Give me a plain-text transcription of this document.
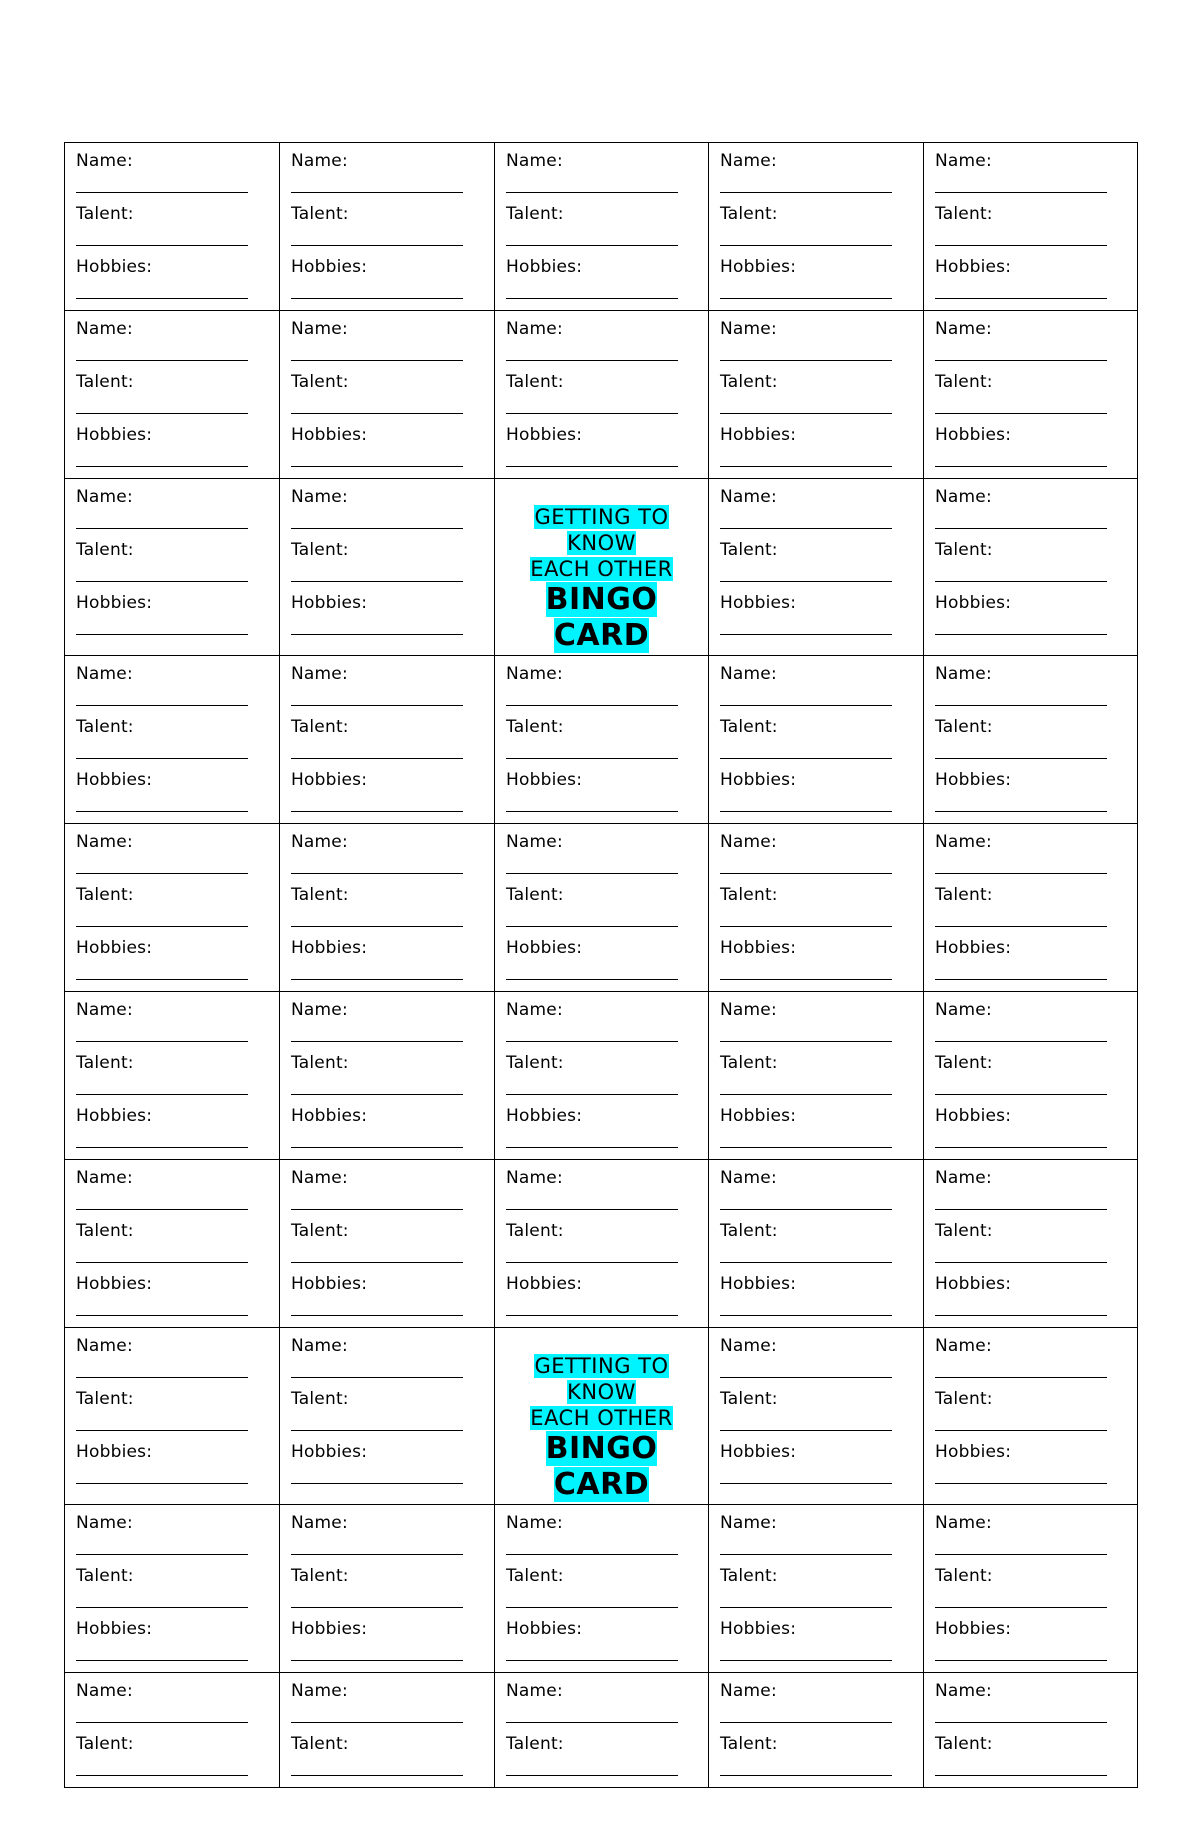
Name:
Talent:
Hobbies:	Name:
Talent:
Hobbies:	Name:
Talent:
Hobbies:	Name:
Talent:
Hobbies:	Name:
Talent:
Hobbies:

Name:
Talent:
Hobbies:	Name:
Talent:
Hobbies:	Name:
Talent:
Hobbies:	Name:
Talent:
Hobbies:	Name:
Talent:
Hobbies:

Name:
Talent:
Hobbies:	Name:
Talent:
Hobbies:	GETTING TO
KNOW
EACH OTHER
BINGO
CARD	Name:
Talent:
Hobbies:	Name:
Talent:
Hobbies:

Name:
Talent:
Hobbies:	Name:
Talent:
Hobbies:	Name:
Talent:
Hobbies:	Name:
Talent:
Hobbies:	Name:
Talent:
Hobbies:

Name:
Talent:
Hobbies:	Name:
Talent:
Hobbies:	Name:
Talent:
Hobbies:	Name:
Talent:
Hobbies:	Name:
Talent:
Hobbies:

Name:
Talent:
Hobbies:	Name:
Talent:
Hobbies:	Name:
Talent:
Hobbies:	Name:
Talent:
Hobbies:	Name:
Talent:
Hobbies:

Name:
Talent:
Hobbies:	Name:
Talent:
Hobbies:	Name:
Talent:
Hobbies:	Name:
Talent:
Hobbies:	Name:
Talent:
Hobbies:

Name:
Talent:
Hobbies:	Name:
Talent:
Hobbies:	GETTING TO
KNOW
EACH OTHER
BINGO
CARD	Name:
Talent:
Hobbies:	Name:
Talent:
Hobbies:

Name:
Talent:
Hobbies:	Name:
Talent:
Hobbies:	Name:
Talent:
Hobbies:	Name:
Talent:
Hobbies:	Name:
Talent:
Hobbies:

Name:
Talent:	Name:
Talent:	Name:
Talent:	Name:
Talent:	Name:
Talent:
